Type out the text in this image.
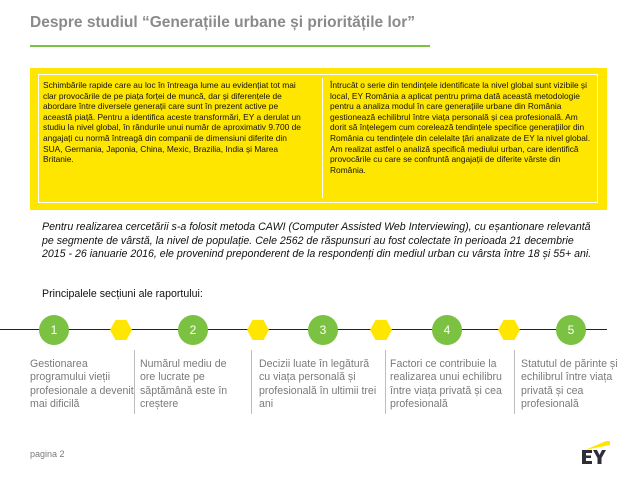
Despre studiul “Generațiile urbane și prioritățile lor”
Schimbările rapide care au loc în întreaga lume au evidențiat tot mai clar provocările de pe piața forței de muncă, dar și diferențele de abordare între diversele generații care sunt în prezent active pe această piață. Pentru a identifica aceste transformări, EY a derulat un studiu la nivel global, în rândurile unui număr de aproximativ 9.700 de angajați cu normă întreagă din companii de dimensiuni diferite din SUA, Germania, Japonia, China, Mexic, Brazilia, India și Marea Britanie.
Întrucât o serie din tendințele identificate la nivel global sunt vizibile și local, EY România a aplicat pentru prima dată această metodologie pentru a analiza modul în care generațiile urbane din România gestionează echilibrul între viața personală și cea profesională. Am dorit să înțelegem cum corelează tendințele specifice generațiilor din România cu tendințele din celelalte țări analizate de EY la nivel global. Am realizat astfel o analiză specifică mediului urban, care identifică provocările cu care se confruntă angajații de diferite vârste din România.
Pentru realizarea cercetării s-a folosit metoda CAWI (Computer Assisted Web Interviewing), cu eșantionare relevantă pe segmente de vârstă, la nivel de populație. Cele 2562 de răspunsuri au fost colectate în perioada 21 decembrie 2015 - 26 ianuarie 2016, ele provenind preponderent de la respondenți din mediul urban cu vârsta între 18 și 55+ ani.
Principalele secțiuni ale raportului:
1	2	3	4	5
Gestionarea programului vieții profesionale a devenit mai dificilă
Numărul mediu de ore lucrate pe săptămână este în creștere
Decizii luate în legătură cu viața personală și profesională în ultimii trei ani
Factori ce contribuie la realizarea unui echilibru între viața privată și cea profesională
Statutul de părinte și echilibrul între viața privată și cea profesională
pagina 2
